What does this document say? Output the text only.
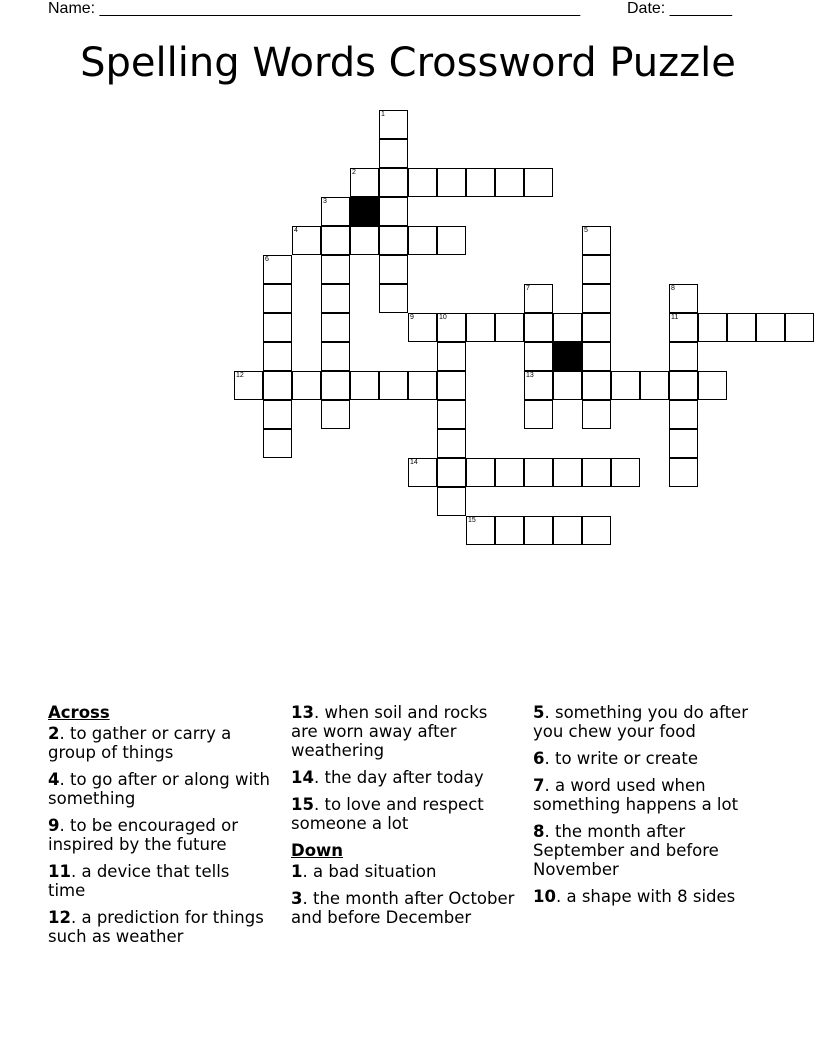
Name: ______________________________________________________	Date: _______
Spelling Words Crossword Puzzle
2
4
9	10	11
12	13
14
15
1
3
5
6
7	8
Across
2. to gather or carry a group of things
4. to go after or along with something
9. to be encouraged or inspired by the future
11. a device that tells time
12. a prediction for things such as weather
13. when soil and rocks are worn away after weathering
14. the day after today
15. to love and respect someone a lot
Down
1. a bad situation
3. the month after October and before December
5. something you do after you chew your food
6. to write or create
7. a word used when something happens a lot
8. the month after September and before November
10. a shape with 8 sides
